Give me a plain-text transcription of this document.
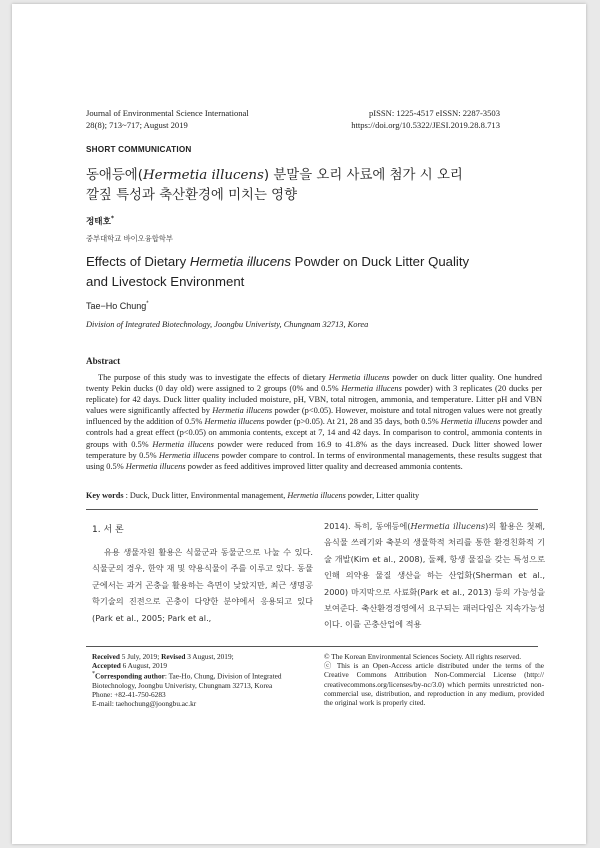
Journal of Environmental Science International
28(8); 713~717; August 2019
pISSN: 1225-4517 eISSN: 2287-3503
https://doi.org/10.5322/JESI.2019.28.8.713
SHORT COMMUNICATION
동애등에(Hermetia illucens) 분말을 오리 사료에 첨가 시 오리
깔짚 특성과 축산환경에 미치는 영향
정태호*
중부대학교 바이오융합학부
Effects of Dietary Hermetia illucens Powder on Duck Litter Quality
and Livestock Environment
Tae−Ho Chung*
Division of Integrated Biotechnology, Joongbu Univeristy, Chungnam 32713, Korea
Abstract
The purpose of this study was to investigate the effects of dietary Hermetia illucens powder on duck litter quality. One hundred twenty Pekin ducks (0 day old) were assigned to 2 groups (0% and 0.5% Hermetia illucens powder) with 3 replicates (20 ducks per replicate) for 42 days. Duck litter quality included moisture, pH, VBN, total nitrogen, ammonia, and temperature. Litter pH and VBN values were significantly affected by Hermetia illucens powder (p<0.05). However, moisture and total nitrogen values were not greatly influenced by the addition of 0.5% Hermetia illucens powder (p>0.05). At 21, 28 and 35 days, both 0.5% Hermetia illucens powder and controls had a great effect (p<0.05) on ammonia contents, except at 7, 14 and 42 days. In comparison to control, ammonia contents in groups with 0.5% Hermetia illucens powder were reduced from 16.9 to 41.8% as the days increased. Duck litter showed lower temperature by 0.5% Hermetia illucens powder compare to control. In terms of environmental managements, these results suggest that using 0.5% Hermetia illucens powder as feed additives improved litter quality and decreased ammonia contents.
Key words : Duck, Duck litter, Environmental management, Hermetia illucens powder, Litter quality
1. 서 론

유용 생물자원 활용은 식물군과 동물군으로 나눌 수 있다. 식물군의 경우, 한약 재 및 약용식물이 주를 이루고 있다. 동물군에서는 과거 곤충을 활용하는 측면이 낮았지만, 최근 생명공학기술의 진전으로 곤충이 다양한 분야에서 응용되고 있다(Park et al., 2005; Park et al.,

2014). 특히, 동애등에(Hermetia illucens)의 활용은 첫째, 음식물 쓰레기와 축분의 생물학적 처리를 통한 환경친화적 기술 개발(Kim et al., 2008), 둘째, 항생 물질을 갖는 특성으로 인해 의약용 물질 생산을 하는 산업화(Sherman et al., 2000) 마지막으로 사료화(Park et al., 2013) 등의 가능성을 보여준다. 축산환경경영에서 요구되는 패러다임은 지속가능성이다. 이를 곤충산업에 적용
Received 5 July, 2019; Revised 3 August, 2019;
Accepted 6 August, 2019
*Corresponding author: Tae-Ho, Chung, Division of Integrated Biotechnology, Joongbu Univeristy, Chungnam 32713, Korea
Phone: +82-41-750-6283
E-mail: taehochung@joongbu.ac.kr
© The Korean Environmental Sciences Society. All rights reserved.
ⓒ This is an Open-Access article distributed under the terms of the Creative Commons Attribution Non-Commercial License (http:// creativecommons.org/licenses/by-nc/3.0) which permits unrestricted non-commercial use, distribution, and reproduction in any medium, provided the original work is properly cited.
